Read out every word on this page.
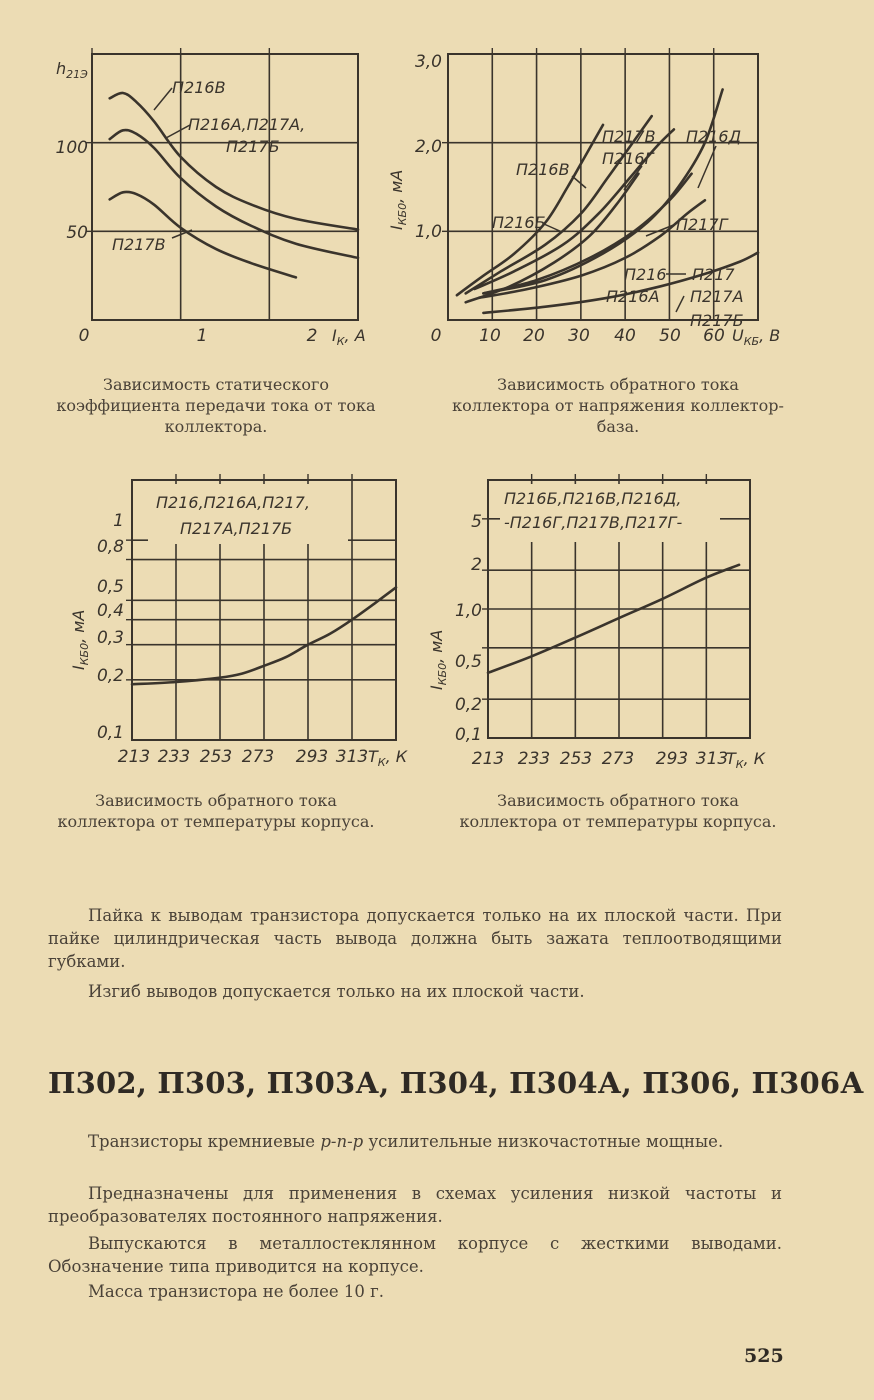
$h_{21Э}$
0	1	2 $I_К$, А
100
50
П216В
П216А,П217А,
П217Б
П217В
3,0
2,0
1,0
$I_{КБ0}$, мА
0 10 20 30 40 50 60 $U_{КБ}$, В
П216В
П217В
П216Г
П216Д
П216Б	П217Г
П216
П216А
П217
П217А
П217Б
Зависимость статического коэффициента передачи тока от тока коллектора.
Зависимость обратного тока коллектора от напряжения коллектор-база.
0,1
0,2
0,3
0,4
0,5
0,8
1
$I_{КБ0}$, мА
213 233 253 273 293 313 $T_К$, К
П216,П216А,П217,
П217А,П217Б
0,1
0,2
0,5
1,0
2
5
$I_{КБ0}$, мА
213 233 253 273 293 313
$T_К$, К
П216Б,П216В,П216Д,
-П216Г,П217В,П217Г-
Зависимость обратного тока коллектора от температуры корпуса.
Зависимость обратного тока коллектора от температуры корпуса.

Пайка к выводам транзистора допускается только на их плоской части. При пайке цилиндрическая часть вывода должна быть зажата теплоотводящими губками.

Изгиб выводов допускается только на их плоской части.

П302, П303, П303А, П304, П304А, П306, П306А

Транзисторы кремниевые p-n-p усилительные низкочастотные мощные.

Предназначены для применения в схемах усиления низкой частоты и преобразователях постоянного напряжения.

Выпускаются в металлостеклянном корпусе с жесткими выводами. Обозначение типа приводится на корпусе.

Масса транзистора не более 10 г.

525
